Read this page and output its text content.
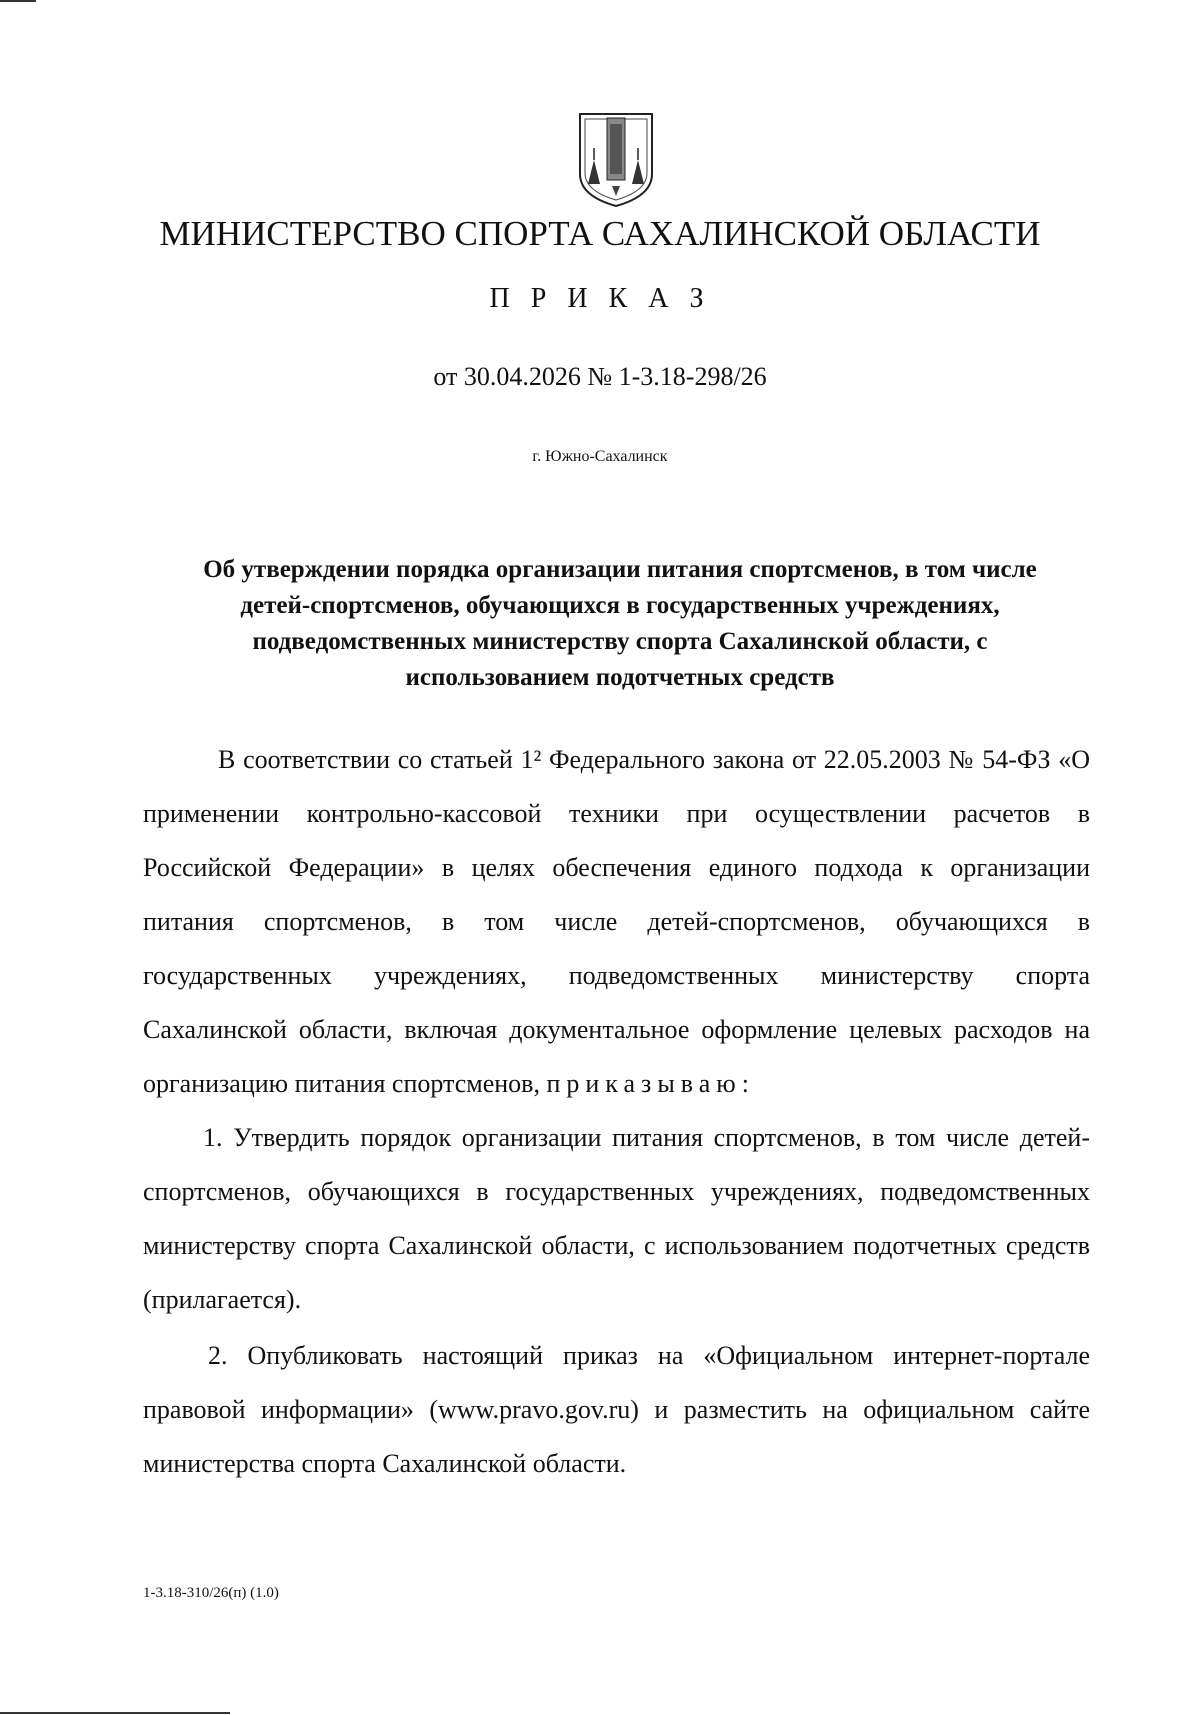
МИНИСТЕРСТВО СПОРТА САХАЛИНСКОЙ ОБЛАСТИ
П Р И К А З
от 30.04.2026 № 1-3.18-298/26
г. Южно-Сахалинск
Об утверждении порядка организации питания спортсменов, в том числе
детей-спортсменов, обучающихся в государственных учреждениях,
подведомственных министерству спорта Сахалинской области, с
использованием подотчетных средств

В соответствии со статьей 1² Федерального закона от 22.05.2003 № 54-ФЗ «О применении контрольно-кассовой техники при осуществлении расчетов в Российской Федерации» в целях обеспечения единого подхода к организации питания спортсменов, в том числе детей-спортсменов, обучающихся в государственных учреждениях, подведомственных министерству спорта Сахалинской области, включая документальное оформление целевых расходов на организацию питания спортсменов, приказываю:

1. Утвердить порядок организации питания спортсменов, в том числе детей-спортсменов, обучающихся в государственных учреждениях, подведомственных министерству спорта Сахалинской области, с использованием подотчетных средств (прилагается).

2. Опубликовать настоящий приказ на «Официальном интернет-портале правовой информации» (www.pravo.gov.ru) и разместить на официальном сайте министерства спорта Сахалинской области.

1-3.18-310/26(п) (1.0)
